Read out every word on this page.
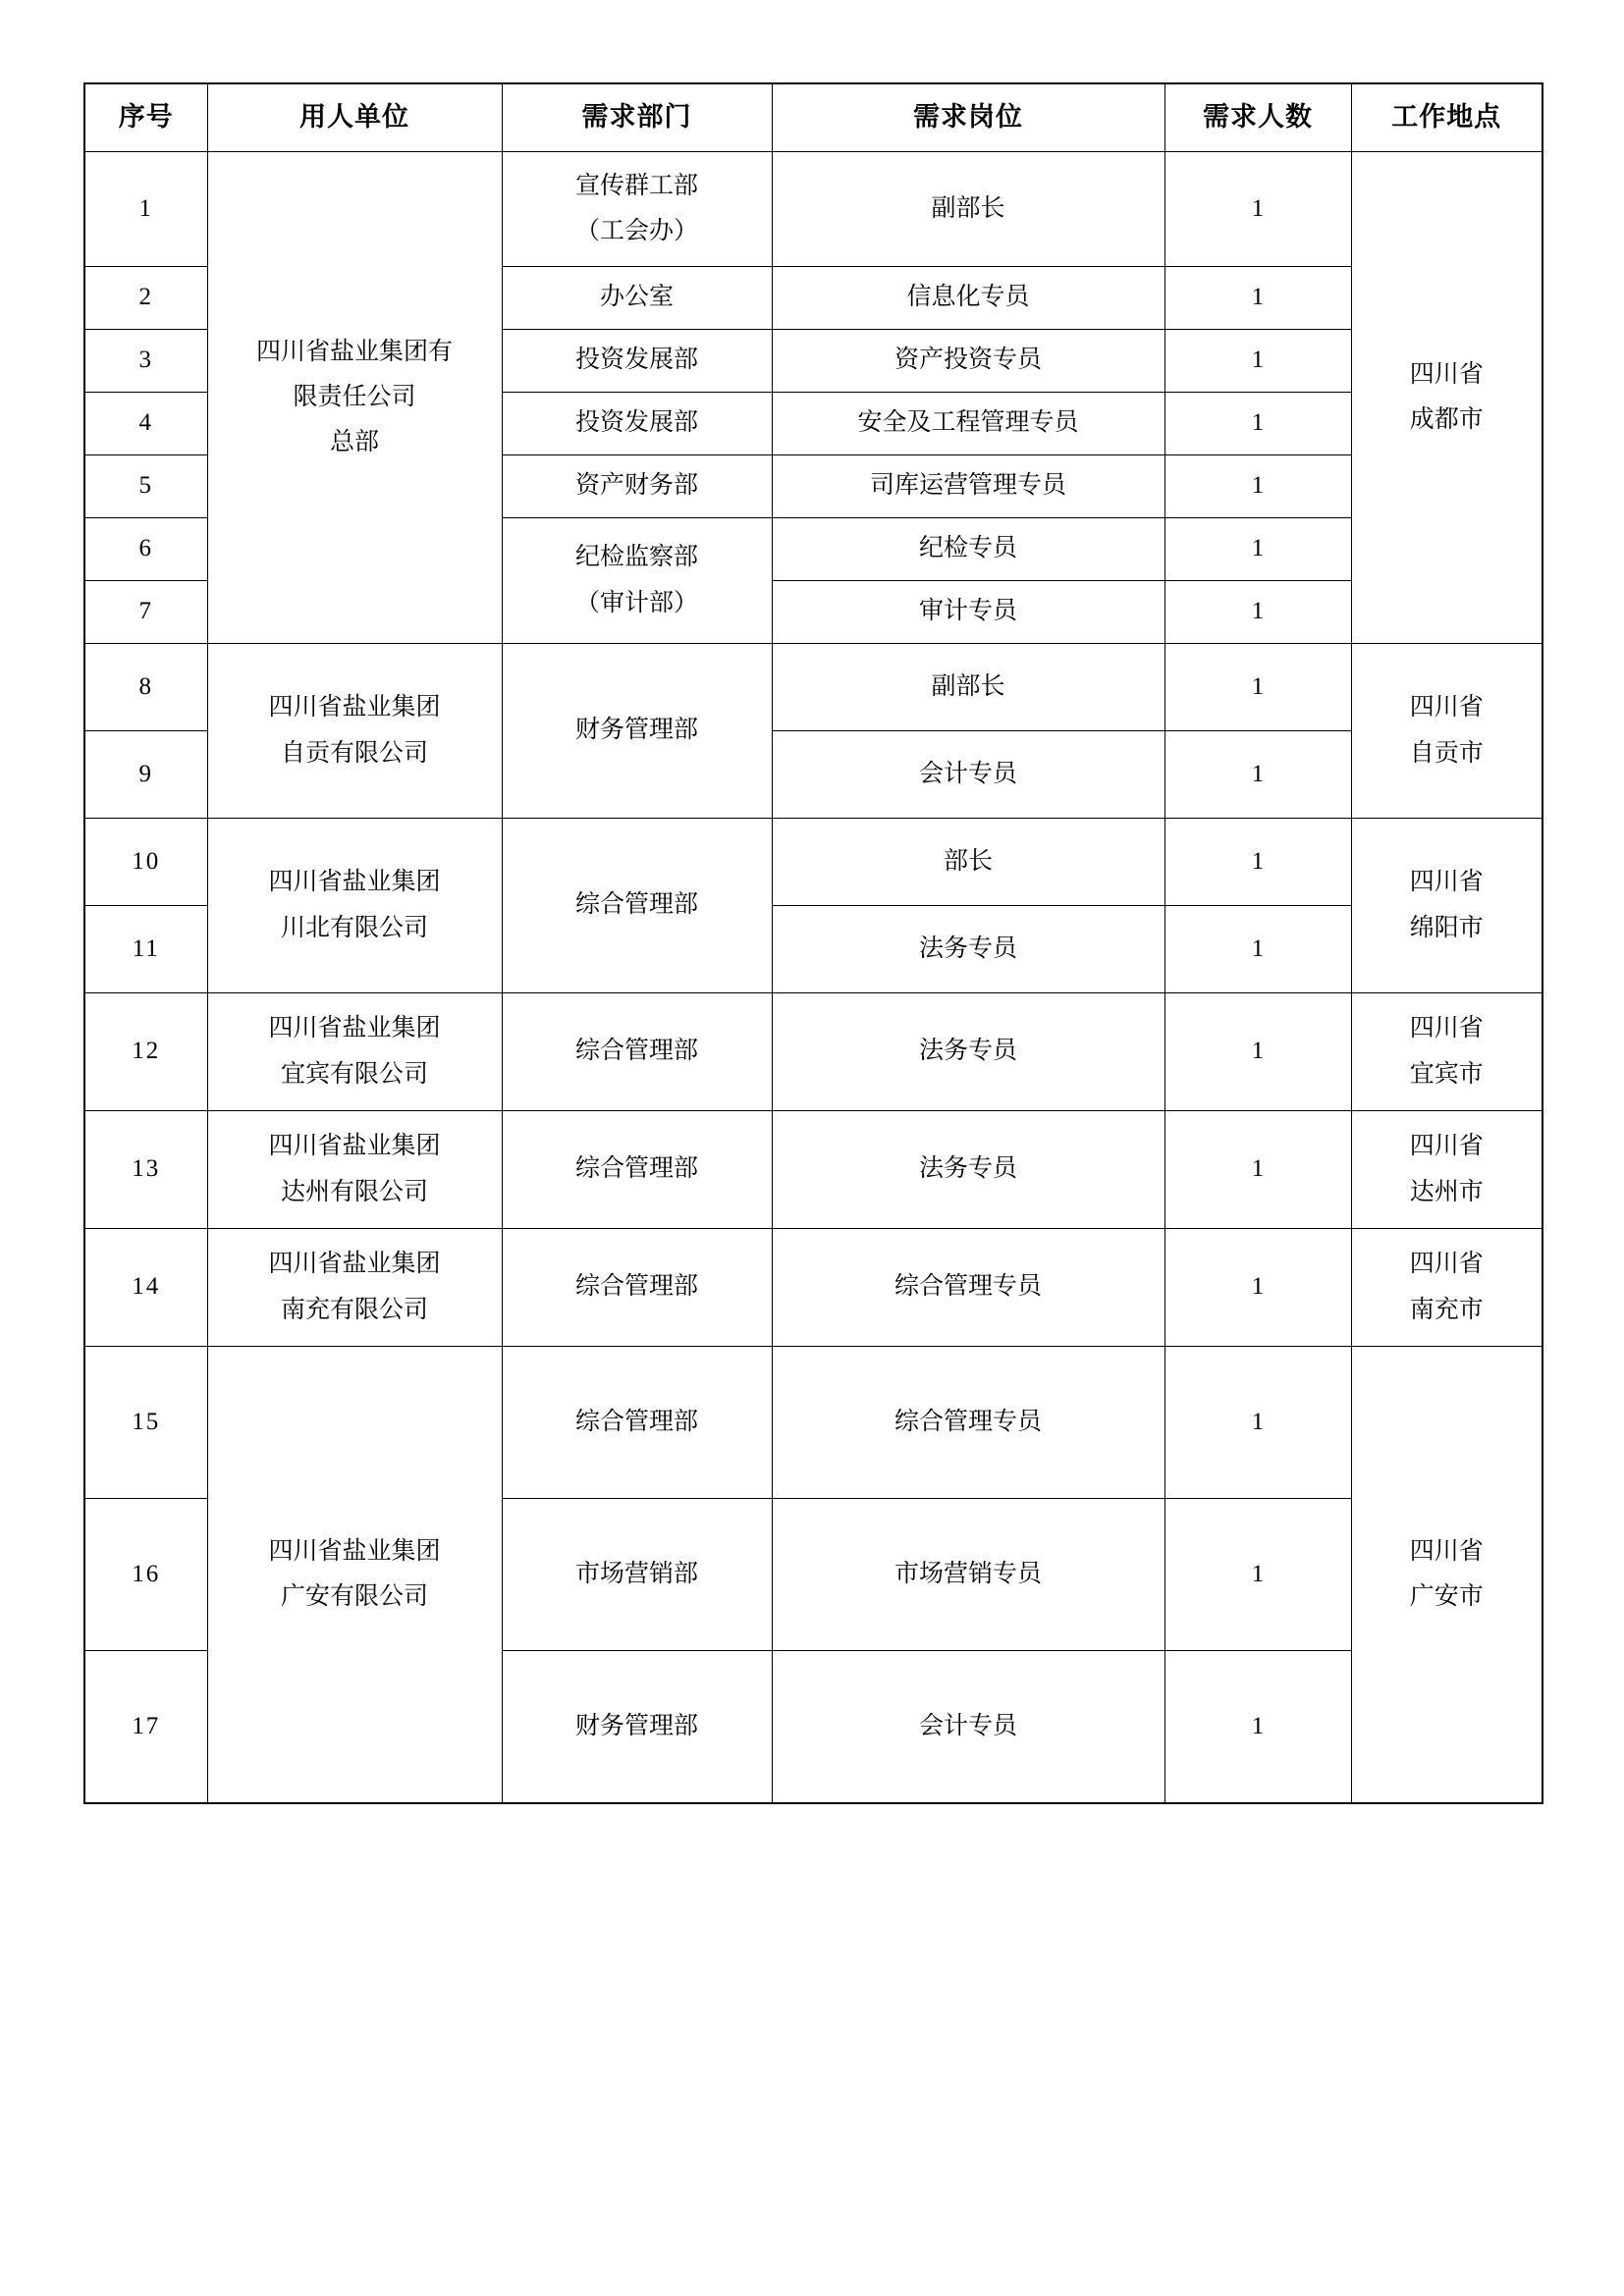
序号	用人单位	需求部门	需求岗位	需求人数	工作地点
1	四川省盐业集团有
限责任公司
总部	宣传群工部
（工会办）	副部长	1	四川省
成都市

2		办公室	信息化专员	1	
3		投资发展部	资产投资专员	1	
4		投资发展部	安全及工程管理专员	1	
5		资产财务部	司库运营管理专员	1	
6		纪检监察部
（审计部）	纪检专员	1	
7			审计专员	1	
8	四川省盐业集团
自贡有限公司	财务管理部	副部长	1	四川省
自贡市

9			会计专员	1	
10	四川省盐业集团
川北有限公司	综合管理部	部长	1	四川省
绵阳市

11			法务专员	1	
12	四川省盐业集团
宜宾有限公司	综合管理部	法务专员	1	四川省
宜宾市

13	四川省盐业集团
达州有限公司	综合管理部	法务专员	1	四川省
达州市

14	四川省盐业集团
南充有限公司	综合管理部	综合管理专员	1	四川省
南充市

15	四川省盐业集团
广安有限公司	综合管理部	综合管理专员	1	四川省
广安市

16		市场营销部	市场营销专员	1	
17		财务管理部	会计专员	1	
